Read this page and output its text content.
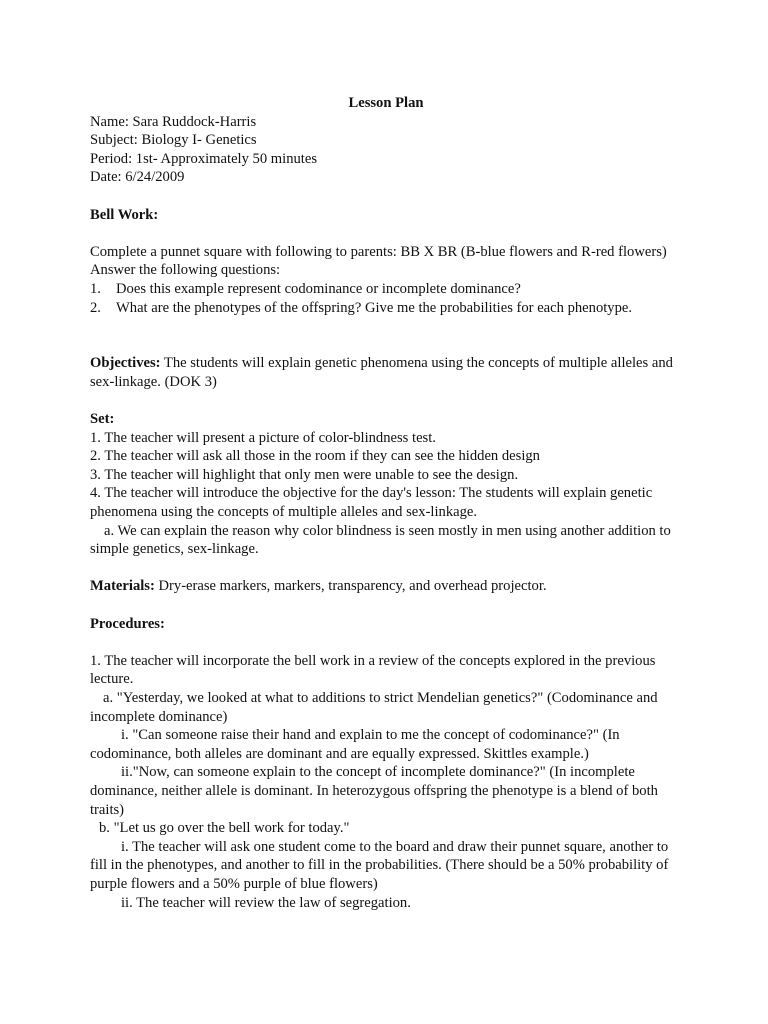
Lesson Plan

Name: Sara Ruddock-Harris

Subject: Biology I- Genetics

Period: 1st- Approximately 50 minutes

Date: 6/24/2009

Bell Work:

Complete a punnet square with following to parents: BB X BR (B-blue flowers and R-red flowers)

Answer the following questions:

1.	Does this example represent codominance or incomplete dominance?
2.	What are the phenotypes of the offspring? Give me the probabilities for each phenotype.

Objectives: The students will explain genetic phenomena using the concepts of multiple alleles and sex-linkage. (DOK 3)

Set:

1. The teacher will present a picture of color-blindness test.

2. The teacher will ask all those in the room if they can see the hidden design

3. The teacher will highlight that only men were unable to see the design.

4. The teacher will introduce the objective for the day's lesson: The students will explain genetic phenomena using the concepts of multiple alleles and sex-linkage.

a. We can explain the reason why color blindness is seen mostly in men using another addition to simple genetics, sex-linkage.

Materials: Dry-erase markers, markers, transparency, and overhead projector.

Procedures:

1. The teacher will incorporate the bell work in a review of the concepts explored in the previous lecture.

a. "Yesterday, we looked at what to additions to strict Mendelian genetics?" (Codominance and incomplete dominance)

i. "Can someone raise their hand and explain to me the concept of codominance?" (In codominance, both alleles are dominant and are equally expressed. Skittles example.)

ii."Now, can someone explain to the concept of incomplete dominance?" (In incomplete dominance, neither allele is dominant. In heterozygous offspring the phenotype is a blend of both traits)

b. "Let us go over the bell work for today."

i. The teacher will ask one student come to the board and draw their punnet square, another to fill in the phenotypes, and another to fill in the probabilities. (There should be a 50% probability of purple flowers and a 50% purple of blue flowers)

ii. The teacher will review the law of segregation.
